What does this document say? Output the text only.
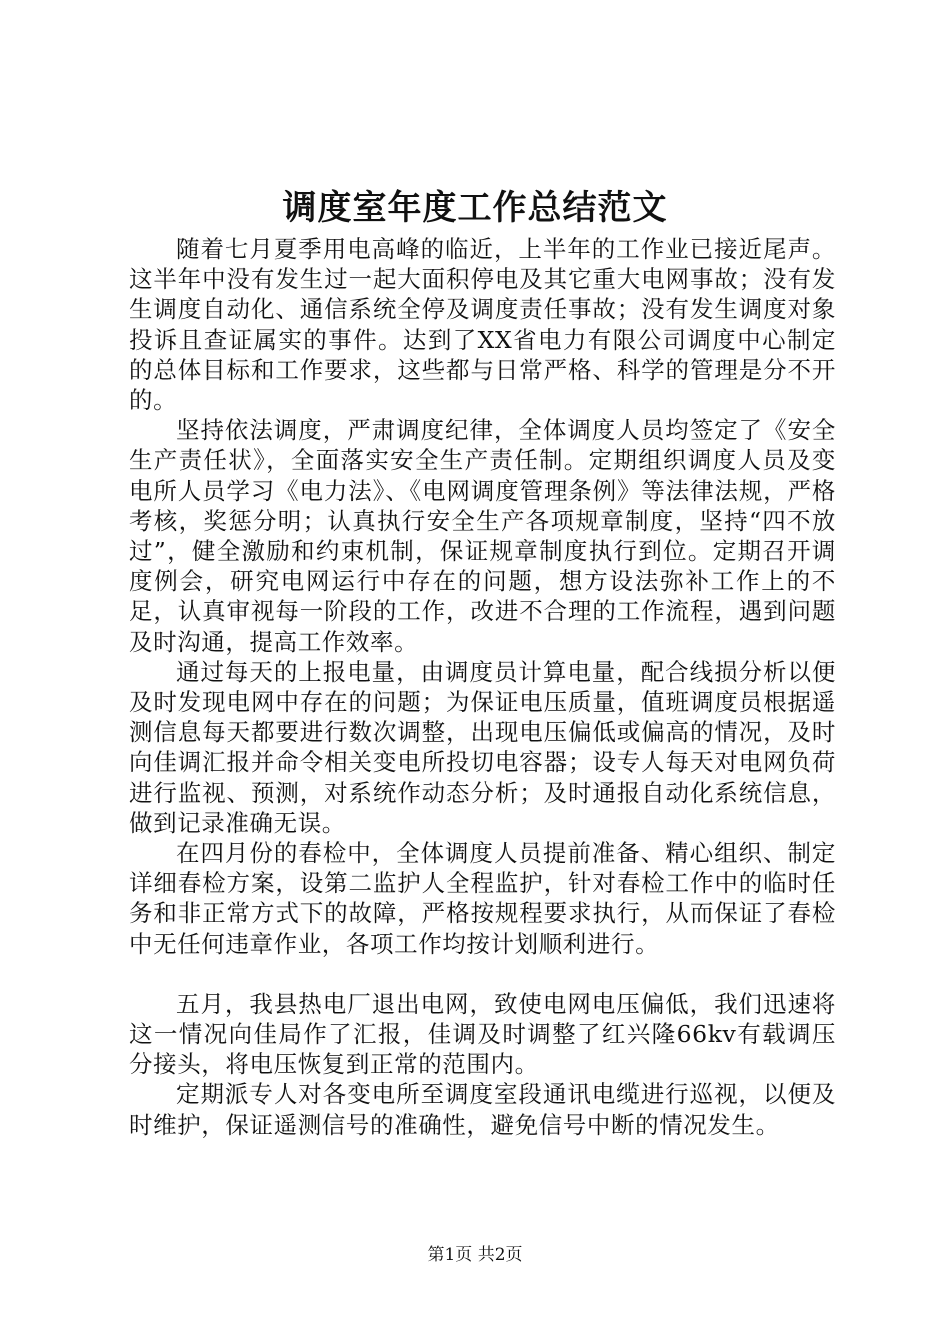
调度室年度工作总结范文

随着七月夏季用电高峰的临近，上半年的工作业已接近尾声。这半年中没有发生过一起大面积停电及其它重大电网事故；没有发生调度自动化、通信系统全停及调度责任事故；没有发生调度对象投诉且查证属实的事件。达到了XX省电力有限公司调度中心制定的总体目标和工作要求，这些都与日常严格、科学的管理是分不开的。

坚持依法调度，严肃调度纪律，全体调度人员均签定了《安全生产责任状》，全面落实安全生产责任制。定期组织调度人员及变电所人员学习《电力法》、《电网调度管理条例》等法律法规，严格考核，奖惩分明；认真执行安全生产各项规章制度，坚持“四不放过”，健全激励和约束机制，保证规章制度执行到位。定期召开调度例会，研究电网运行中存在的问题，想方设法弥补工作上的不足，认真审视每一阶段的工作，改进不合理的工作流程，遇到问题及时沟通，提高工作效率。

通过每天的上报电量，由调度员计算电量，配合线损分析以便及时发现电网中存在的问题；为保证电压质量，值班调度员根据遥测信息每天都要进行数次调整，出现电压偏低或偏高的情况，及时向佳调汇报并命令相关变电所投切电容器；设专人每天对电网负荷进行监视、预测，对系统作动态分析；及时通报自动化系统信息，做到记录准确无误。

在四月份的春检中，全体调度人员提前准备、精心组织、制定详细春检方案，设第二监护人全程监护，针对春检工作中的临时任务和非正常方式下的故障，严格按规程要求执行，从而保证了春检中无任何违章作业，各项工作均按计划顺利进行。

五月，我县热电厂退出电网，致使电网电压偏低，我们迅速将这一情况向佳局作了汇报，佳调及时调整了红兴隆66kv有载调压分接头，将电压恢复到正常的范围内。

定期派专人对各变电所至调度室段通讯电缆进行巡视，以便及时维护，保证遥测信号的准确性，避免信号中断的情况发生。

第1页 共2页
